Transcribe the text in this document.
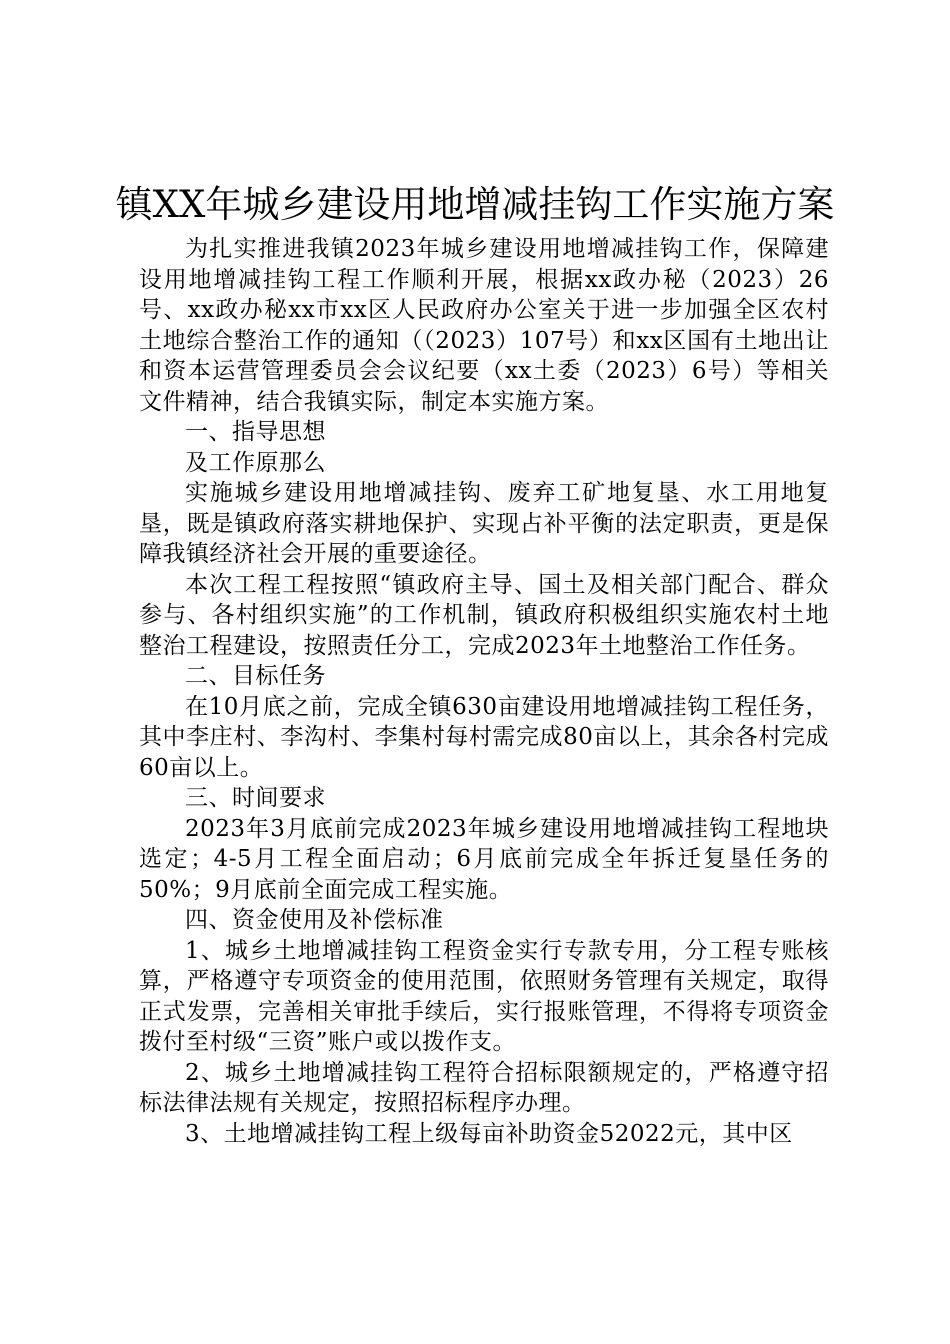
镇XX年城乡建设用地增减挂钩工作实施方案

为扎实推进我镇2023年城乡建设用地增减挂钩工作，保障建设用地增减挂钩工程工作顺利开展，根据xx政办秘（2023）26号、xx政办秘xx市xx区人民政府办公室关于进一步加强全区农村土地综合整治工作的通知（（2023）107号）和xx区国有土地出让和资本运营管理委员会会议纪要（xx土委（2023）6号）等相关文件精神，结合我镇实际，制定本实施方案。

一、指导思想

及工作原那么

实施城乡建设用地增减挂钩、废弃工矿地复垦、水工用地复垦，既是镇政府落实耕地保护、实现占补平衡的法定职责，更是保障我镇经济社会开展的重要途径。

本次工程工程按照“镇政府主导、国土及相关部门配合、群众参与、各村组织实施”的工作机制，镇政府积极组织实施农村土地整治工程建设，按照责任分工，完成2023年土地整治工作任务。

二、目标任务

在10月底之前，完成全镇630亩建设用地增减挂钩工程任务，其中李庄村、李沟村、李集村每村需完成80亩以上，其余各村完成60亩以上。

三、时间要求

2023年3月底前完成2023年城乡建设用地增减挂钩工程地块选定；4-5月工程全面启动；6月底前完成全年拆迁复垦任务的50%；9月底前全面完成工程实施。

四、资金使用及补偿标准

1、城乡土地增减挂钩工程资金实行专款专用，分工程专账核算，严格遵守专项资金的使用范围，依照财务管理有关规定，取得正式发票，完善相关审批手续后，实行报账管理，不得将专项资金拨付至村级“三资”账户或以拨作支。

2、城乡土地增减挂钩工程符合招标限额规定的，严格遵守招标法律法规有关规定，按照招标程序办理。

3、土地增减挂钩工程上级每亩补助资金52022元，其中区
